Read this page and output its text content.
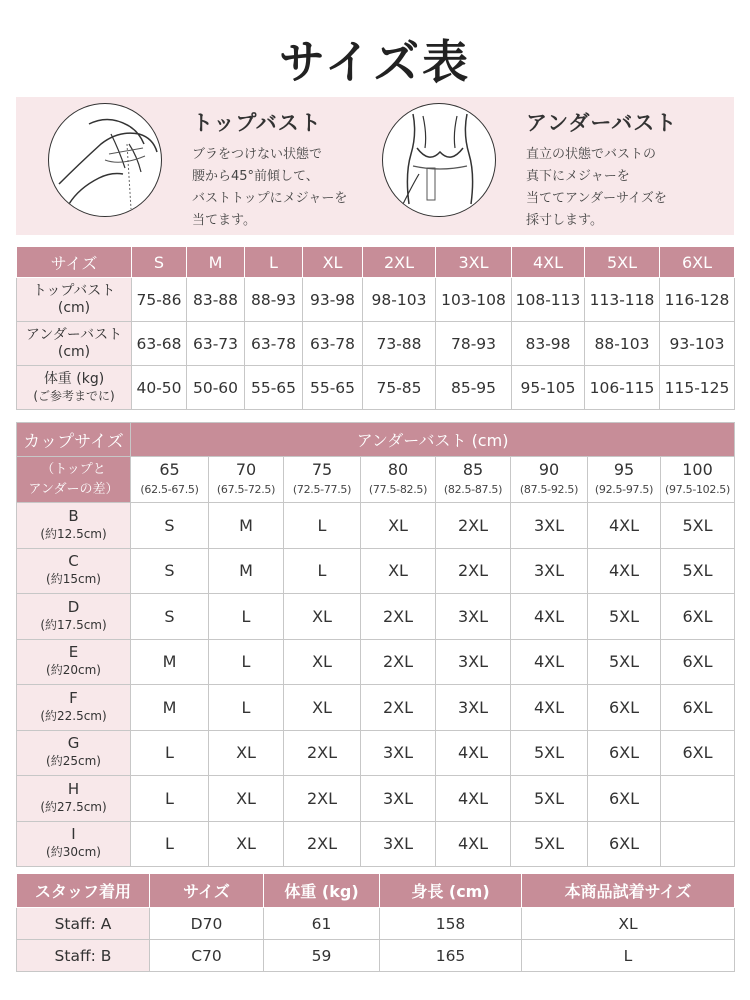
サイズ表
トップバスト
ブラをつけない状態で
腰から45°前傾して、
バストトップにメジャーを
当てます。
アンダーバスト
直立の状態でバストの
真下にメジャーを
当ててアンダーサイズを
採寸します。
サイズ	S	M	L	XL	2XL	3XL	4XL	5XL	6XL
トップバスト
(cm)	75-86	83-88	88-93	93-98	98-103	103-108	108-113	113-118	116-128
アンダーバスト
(cm)	63-68	63-73	63-78	63-78	73-88	78-93	83-98	88-103	93-103
体重 (kg)
(ご参考までに)	40-50	50-60	55-65	55-65	75-85	85-95	95-105	106-115	115-125
カップサイズ	アンダーバスト (cm)							
（トップと
アンダーの差）	65
(62.5-67.5)	70
(67.5-72.5)	75
(72.5-77.5)	80
(77.5-82.5)	85
(82.5-87.5)	90
(87.5-92.5)	95
(92.5-97.5)	100
(97.5-102.5)
B
(約12.5cm)	S	M	L	XL	2XL	3XL	4XL	5XL
C
(約15cm)	S	M	L	XL	2XL	3XL	4XL	5XL
D
(約17.5cm)	S	L	XL	2XL	3XL	4XL	5XL	6XL
E
(約20cm)	M	L	XL	2XL	3XL	4XL	5XL	6XL
F
(約22.5cm)	M	L	XL	2XL	3XL	4XL	6XL	6XL
G
(約25cm)	L	XL	2XL	3XL	4XL	5XL	6XL	6XL
H
(約27.5cm)	L	XL	2XL	3XL	4XL	5XL	6XL	
I
(約30cm)	L	XL	2XL	3XL	4XL	5XL	6XL	
スタッフ着用	サイズ	体重 (kg)	身長 (cm)	本商品試着サイズ
Staff: A	D70	61	158	XL
Staff: B	C70	59	165	L
